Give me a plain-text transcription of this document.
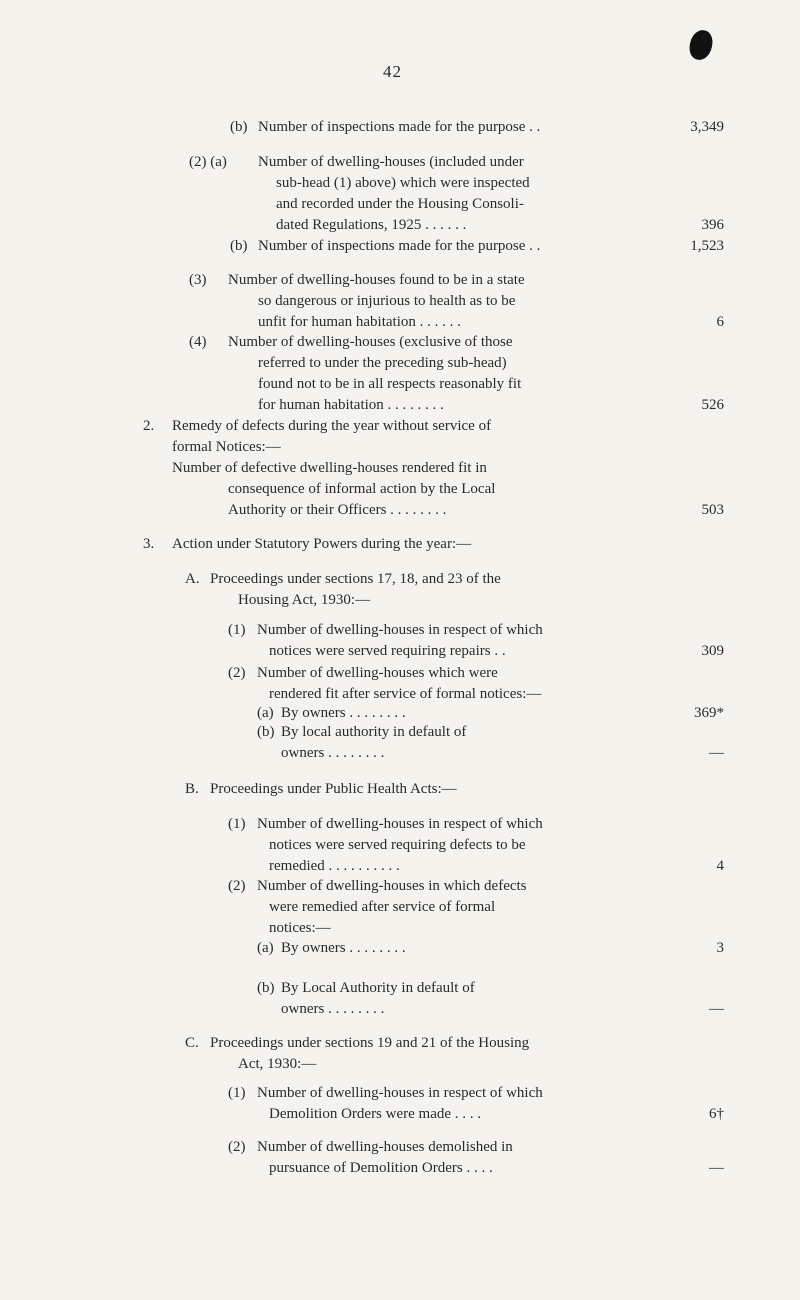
42
(b) Number of inspections made for the purpose . .	3,349
(2) (a) Number of dwelling-houses (included under
sub-head (1) above) which were inspected
and recorded under the Housing Consoli-
dated Regulations, 1925 . . . . . .	396
(b) Number of inspections made for the purpose . .	1,523
(3) Number of dwelling-houses found to be in a state
so dangerous or injurious to health as to be
unfit for human habitation . . . . . .	6
(4) Number of dwelling-houses (exclusive of those
referred to under the preceding sub-head)
found not to be in all respects reasonably fit
for human habitation . . . . . . . .	526
2. Remedy of defects during the year without service of
formal Notices:—
Number of defective dwelling-houses rendered fit in
consequence of informal action by the Local
Authority or their Officers . . . . . . . .	503
3. Action under Statutory Powers during the year:—
A. Proceedings under sections 17, 18, and 23 of the
Housing Act, 1930:—
(1) Number of dwelling-houses in respect of which
notices were served requiring repairs . .	309
(2) Number of dwelling-houses which were
rendered fit after service of formal notices:—
(a) By owners . . . . . . . .	369*
(b) By local authority in default of
owners . . . . . . . .	—
B. Proceedings under Public Health Acts:—
(1) Number of dwelling-houses in respect of which
notices were served requiring defects to be
remedied . . . . . . . . . .	4
(2) Number of dwelling-houses in which defects
were remedied after service of formal
notices:—
(a) By owners . . . . . . . .	3
(b) By Local Authority in default of
owners . . . . . . . .	—
C. Proceedings under sections 19 and 21 of the Housing
Act, 1930:—
(1) Number of dwelling-houses in respect of which
Demolition Orders were made . . . .	6†
(2) Number of dwelling-houses demolished in
pursuance of Demolition Orders . . . .	—
